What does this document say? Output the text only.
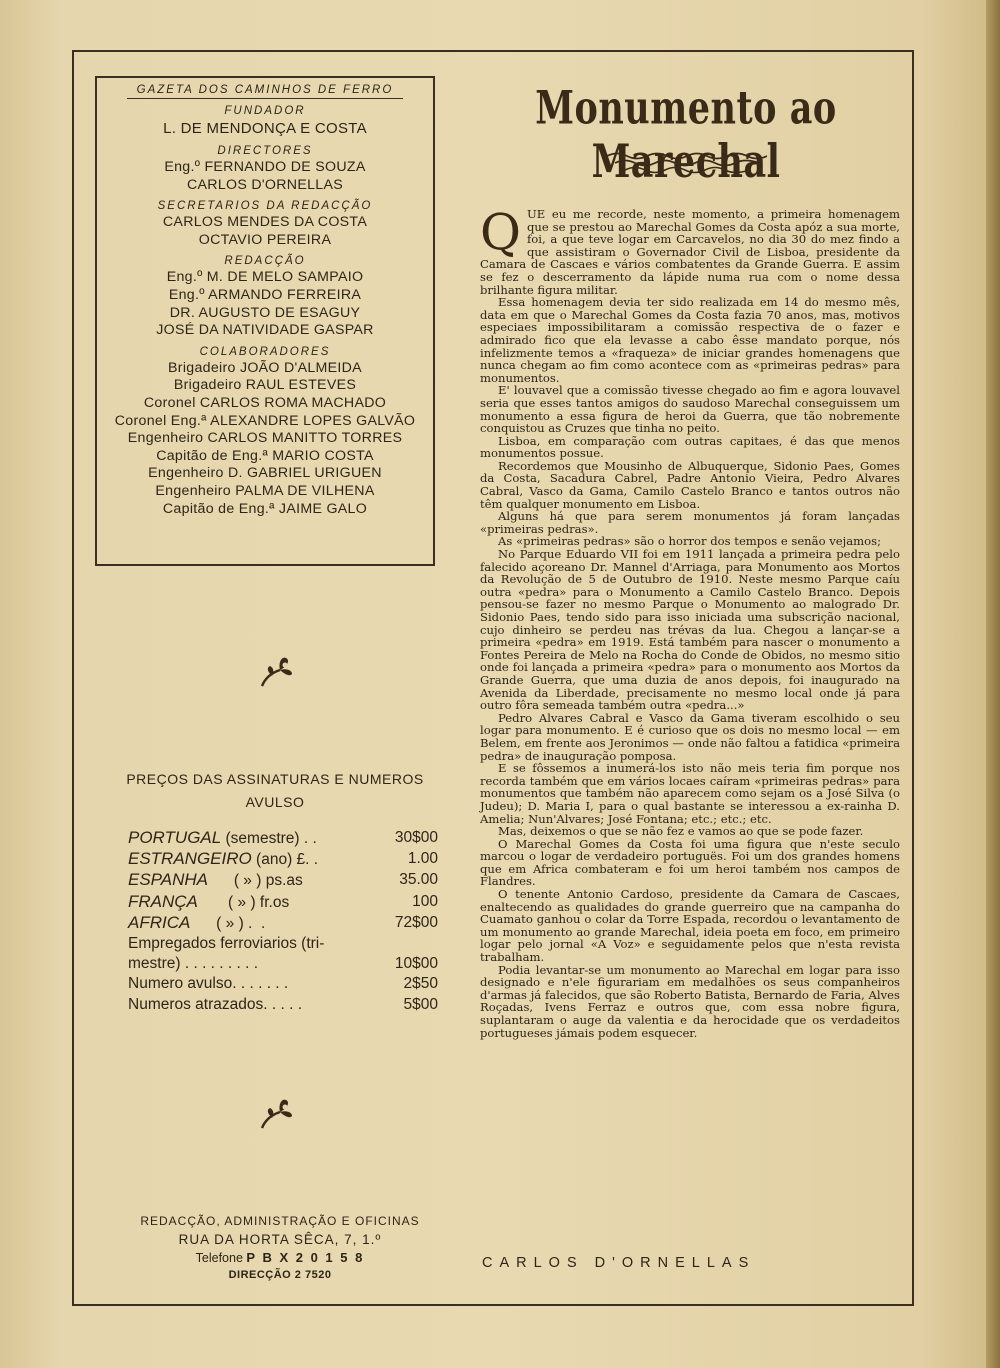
GAZETA DOS CAMINHOS DE FERRO
FUNDADOR
L. DE MENDONÇA E COSTA
DIRECTORES
Eng.º FERNANDO DE SOUZA
CARLOS D'ORNELLAS
SECRETARIOS DA REDACÇÃO
CARLOS MENDES DA COSTA
OCTAVIO PEREIRA
REDACÇÃO
Eng.º M. DE MELO SAMPAIO
Eng.º ARMANDO FERREIRA
DR. AUGUSTO DE ESAGUY
JOSÉ DA NATIVIDADE GASPAR
COLABORADORES
Brigadeiro JOÃO D'ALMEIDA
Brigadeiro RAUL ESTEVES
Coronel CARLOS ROMA MACHADO
Coronel Eng.ª ALEXANDRE LOPES GALVÃO
Engenheiro CARLOS MANITTO TORRES
Capitão de Eng.ª MARIO COSTA
Engenheiro D. GABRIEL URIGUEN
Engenheiro PALMA DE VILHENA
Capitão de Eng.ª JAIME GALO
PREÇOS DAS ASSINATURAS E NUMEROS
AVULSO
PORTUGAL (semestre) . .	30$00
ESTRANGEIRO (ano) £. .	1.00
ESPANHA      ( » ) ps.as	35.00
FRANÇA       ( » ) fr.os	100
AFRICA      ( » ) .  .	72$00
Empregados ferroviarios (tri-	
mestre) . . . . . . . . .	10$00
Numero avulso. . . . . . .	2$50
Numeros atrazados. . . . .	5$00
REDACÇÃO, ADMINISTRAÇÃO E OFICINAS
RUA DA HORTA SÊCA, 7, 1.º
Telefone P B X 2 0 1 5 8
DIRECÇÃO 2 7520
Monumento ao Marechal

QUE eu me recorde, neste momento, a primeira homenagem que se prestou ao Marechal Gomes da Costa apóz a sua morte, foi, a que teve logar em Carcavelos, no dia 30 do mez findo a que assistiram o Governador Civil de Lisboa, presidente da Camara de Cascaes e vários combatentes da Grande Guerra. E assim se fez o descerramento da lápide numa rua com o nome dessa brilhante figura militar.

Essa homenagem devia ter sido realizada em 14 do mesmo mês, data em que o Marechal Gomes da Costa fazia 70 anos, mas, motivos especiaes impossibilitaram a comissão respectiva de o fazer e admirado fico que ela levasse a cabo êsse mandato porque, nós infelizmente temos a «fraqueza» de iniciar grandes homenagens que nunca chegam ao fim como acontece com as «primeiras pedras» para monumentos.

E' louvavel que a comissão tivesse chegado ao fim e agora louvavel seria que esses tantos amigos do saudoso Marechal conseguissem um monumento a essa figura de heroi da Guerra, que tão nobremente conquistou as Cruzes que tinha no peito.

Lisboa, em comparação com outras capitaes, é das que menos monumentos possue.

Recordemos que Mousinho de Albuquerque, Sidonio Paes, Gomes da Costa, Sacadura Cabrel, Padre Antonio Vieira, Pedro Alvares Cabral, Vasco da Gama, Camilo Castelo Branco e tantos outros não têm qualquer monumento em Lisboa.

Alguns há que para serem monumentos já foram lançadas «primeiras pedras».

As «primeiras pedras» são o horror dos tempos e senão vejamos;

No Parque Eduardo VII foi em 1911 lançada a primeira pedra pelo falecido açoreano Dr. Mannel d'Arriaga, para Monumento aos Mortos da Revolução de 5 de Outubro de 1910. Neste mesmo Parque caíu outra «pedra» para o Monumento a Camilo Castelo Branco. Depois pensou-se fazer no mesmo Parque o Monumento ao malogrado Dr. Sidonio Paes, tendo sido para isso iniciada uma subscrição nacional, cujo dinheiro se perdeu nas trévas da lua. Chegou a lançar-se a primeira «pedra» em 1919. Está também para nascer o monumento a Fontes Pereira de Melo na Rocha do Conde de Obidos, no mesmo sitio onde foi lançada a primeira «pedra» para o monumento aos Mortos da Grande Guerra, que uma duzia de anos depois, foi inaugurado na Avenida da Liberdade, precisamente no mesmo local onde já para outro fôra semeada também outra «pedra...»

Pedro Alvares Cabral e Vasco da Gama tiveram escolhido o seu logar para monumento. E é curioso que os dois no mesmo local — em Belem, em frente aos Jeronimos — onde não faltou a fatidica «primeira pedra» de inauguração pomposa.

E se fôssemos a inumerá-los isto não meis teria fim porque nos recorda também que em vários locaes caíram «primeiras pedras» para monumentos que também não aparecem como sejam os a José Silva (o Judeu); D. Maria I, para o qual bastante se interessou a ex-rainha D. Amelia; Nun'Alvares; José Fontana; etc.; etc.; etc.

Mas, deixemos o que se não fez e vamos ao que se pode fazer.

O Marechal Gomes da Costa foi uma figura que n'este seculo marcou o logar de verdadeiro portuguës. Foi um dos grandes homens que em Africa combateram e foi um heroi também nos campos de Flandres.

O tenente Antonio Cardoso, presidente da Camara de Cascaes, enaltecendo as qualidades do grande guerreiro que na campanha do Cuamato ganhou o colar da Torre Espada, recordou o levantamento de um monumento ao grande Marechal, ideia poeta em foco, em primeiro logar pelo jornal «A Voz» e seguidamente pelos que n'esta revista trabalham.

Podia levantar-se um monumento ao Marechal em logar para isso designado e n'ele figurariam em medalhões os seus companheiros d'armas já falecidos, que são Roberto Batista, Bernardo de Faria, Alves Roçadas, Ivens Ferraz e outros que, com essa nobre figura, suplantaram o auge da valentia e da herocidade que os verdadeitos portugueses jámais podem esquecer.

CARLOS D'ORNELLAS
